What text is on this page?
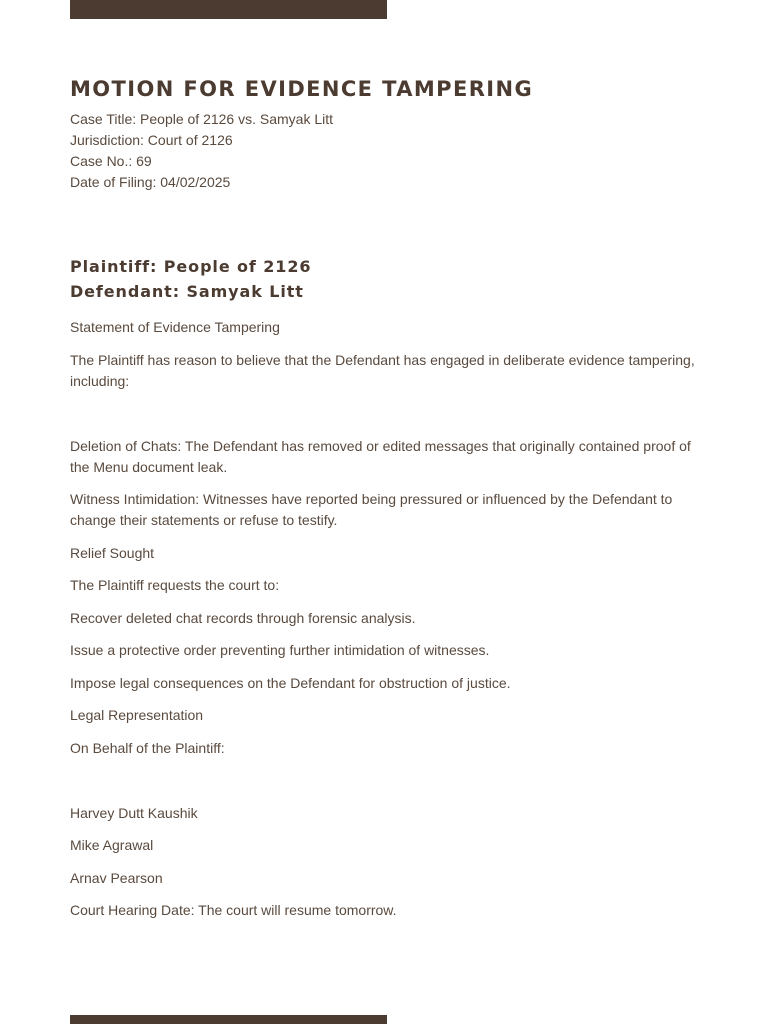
MOTION FOR EVIDENCE TAMPERING
Case Title: People of 2126 vs. Samyak Litt
Jurisdiction: Court of 2126
Case No.: 69
Date of Filing: 04/02/2025
Plaintiff: People of 2126
Defendant: Samyak Litt

Statement of Evidence Tampering

The Plaintiff has reason to believe that the Defendant has engaged in deliberate evidence tampering, including:

Deletion of Chats: The Defendant has removed or edited messages that originally contained proof of the Menu document leak.

Witness Intimidation: Witnesses have reported being pressured or influenced by the Defendant to change their statements or refuse to testify.

Relief Sought

The Plaintiff requests the court to:

Recover deleted chat records through forensic analysis.

Issue a protective order preventing further intimidation of witnesses.

Impose legal consequences on the Defendant for obstruction of justice.

Legal Representation

On Behalf of the Plaintiff:

Harvey Dutt Kaushik

Mike Agrawal

Arnav Pearson

Court Hearing Date: The court will resume tomorrow.
